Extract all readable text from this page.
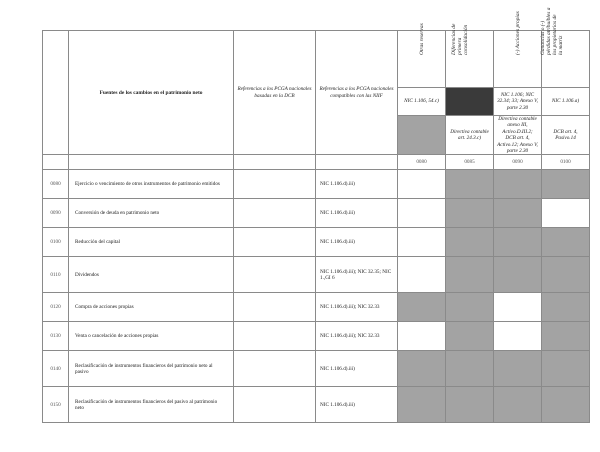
	Fuentes de los cambios en el patrimonio neto	Referencias a los PCGA nacionales basadas en la DCB	Referencias a los PCGA nacionales compatibles con las NIIF	Otras reservas	Diferencias de primera consolidación	(-) Acciones propias	Ganancias o (-) pérdidas atribuibles a los propietarios de la matriz

				NIC 1.106, 54.c)		NIC 1.106; NIC 32.34; 33; Anexo V, parte 2.30	NIC 1.106.a)
					Directiva contable art. 24.3.c)	Directiva contable anexo III, Activo.D.III.2; DCB art. 4, Activo.12; Anexo V, parte 2.30	DCB art. 4, Pasivo.14
				0080	0085	0090	0100
0080	Ejercicio o vencimiento de otros instrumentos de patrimonio emitidos		NIC 1.106.d).iii)				
0090	Conversión de deuda en patrimonio neto		NIC 1.106.d).iii)				
0100	Reducción del capital		NIC 1.106.d).iii)				
0110	Dividendos		NIC 1.106.d).iii); NIC 32.35; NIC 1.,GI 6				
0120	Compra de acciones propias		NIC 1.106.d).iii); NIC 32.33				
0130	Venta o cancelación de acciones propias		NIC 1.106.d).iii); NIC 32.33				
0140	Reclasificación de instrumentos financieros del patrimonio neto al pasivo		NIC 1.106.d).iii)				
0150	Reclasificación de instrumentos financieros del pasivo al patrimonio neto		NIC 1.106.d).iii)				
